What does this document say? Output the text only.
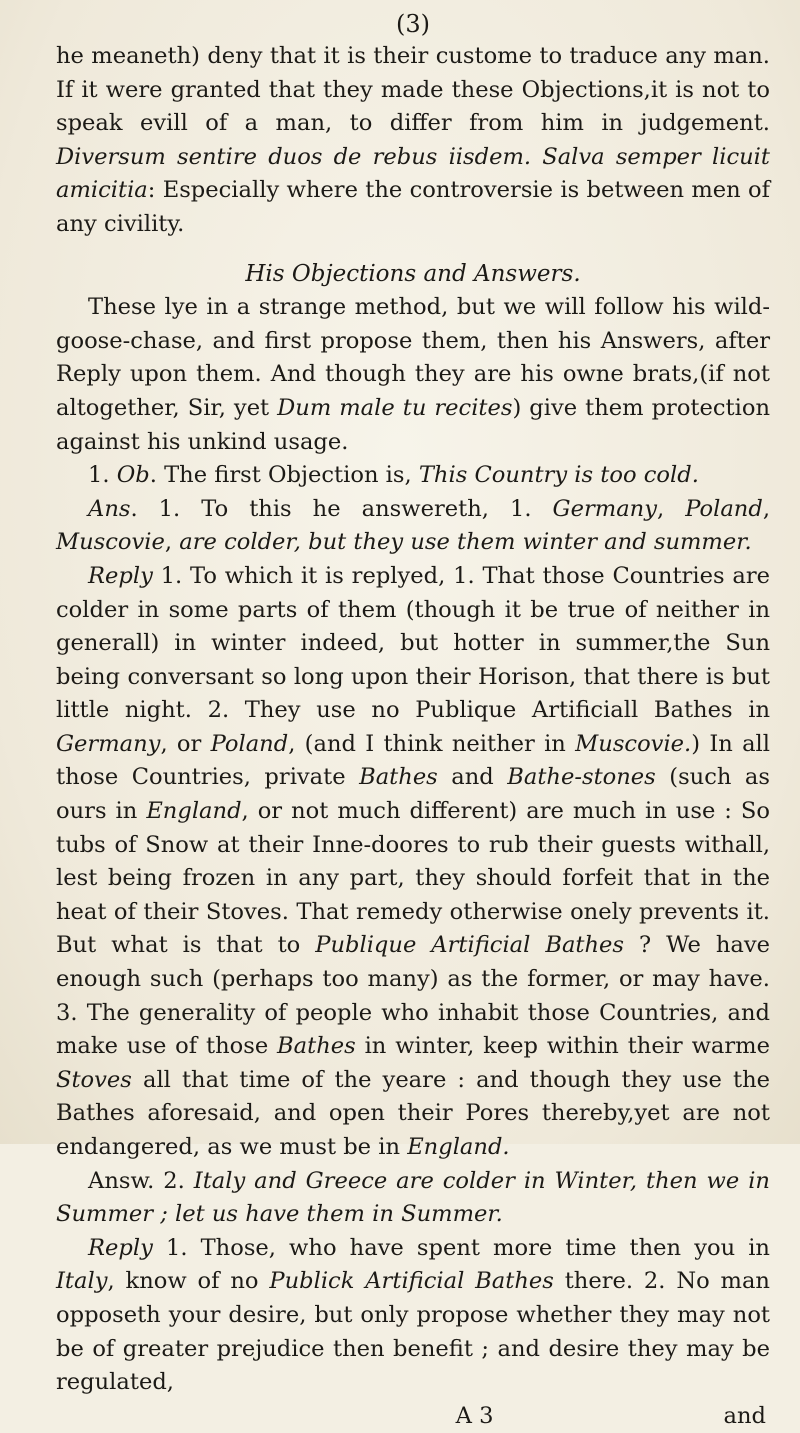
(3)

he meaneth) deny that it is their custome to traduce any man. If it were granted that they made these Objections,it is not to speak evill of a man, to differ from him in judgement. Diversum sentire duos de rebus iisdem. Salva semper licuit amicitia: Especially where the controversie is between men of any civility.

His Objections and Answers.

These lye in a strange method, but we will follow his wild-goose-chase, and first propose them, then his Answers, after Reply upon them. And though they are his owne brats,(if not altogether, Sir, yet Dum male tu recites) give them protection against his unkind usage.

1. Ob. The first Objection is, This Country is too cold.

Ans. 1. To this he answereth, 1. Germany, Poland, Muscovie, are colder, but they use them winter and summer.

Reply 1. To which it is replyed, 1. That those Countries are colder in some parts of them (though it be true of neither in generall) in winter indeed, but hotter in summer,the Sun being conversant so long upon their Horison, that there is but little night. 2. They use no Publique Artificiall Bathes in Germany, or Poland, (and I think neither in Muscovie.) In all those Countries, private Bathes and Bathe-stones (such as ours in England, or not much different) are much in use : So tubs of Snow at their Inne-doores to rub their guests withall, lest being frozen in any part, they should forfeit that in the heat of their Stoves. That remedy otherwise onely prevents it. But what is that to Publique Artificial Bathes ? We have enough such (perhaps too many) as the former, or may have. 3. The generality of people who inhabit those Countries, and make use of those Bathes in winter, keep within their warme Stoves all that time of the yeare : and though they use the Bathes aforesaid, and open their Pores thereby,yet are not endangered, as we must be in England.

Answ. 2. Italy and Greece are colder in Winter, then we in Summer ; let us have them in Summer.

Reply 1. Those, who have spent more time then you in Italy, know of no Publick Artificial Bathes there. 2. No man opposeth your desire, but only propose whether they may not be of greater prejudice then benefit ; and desire they may be regulated,

A 3	and
